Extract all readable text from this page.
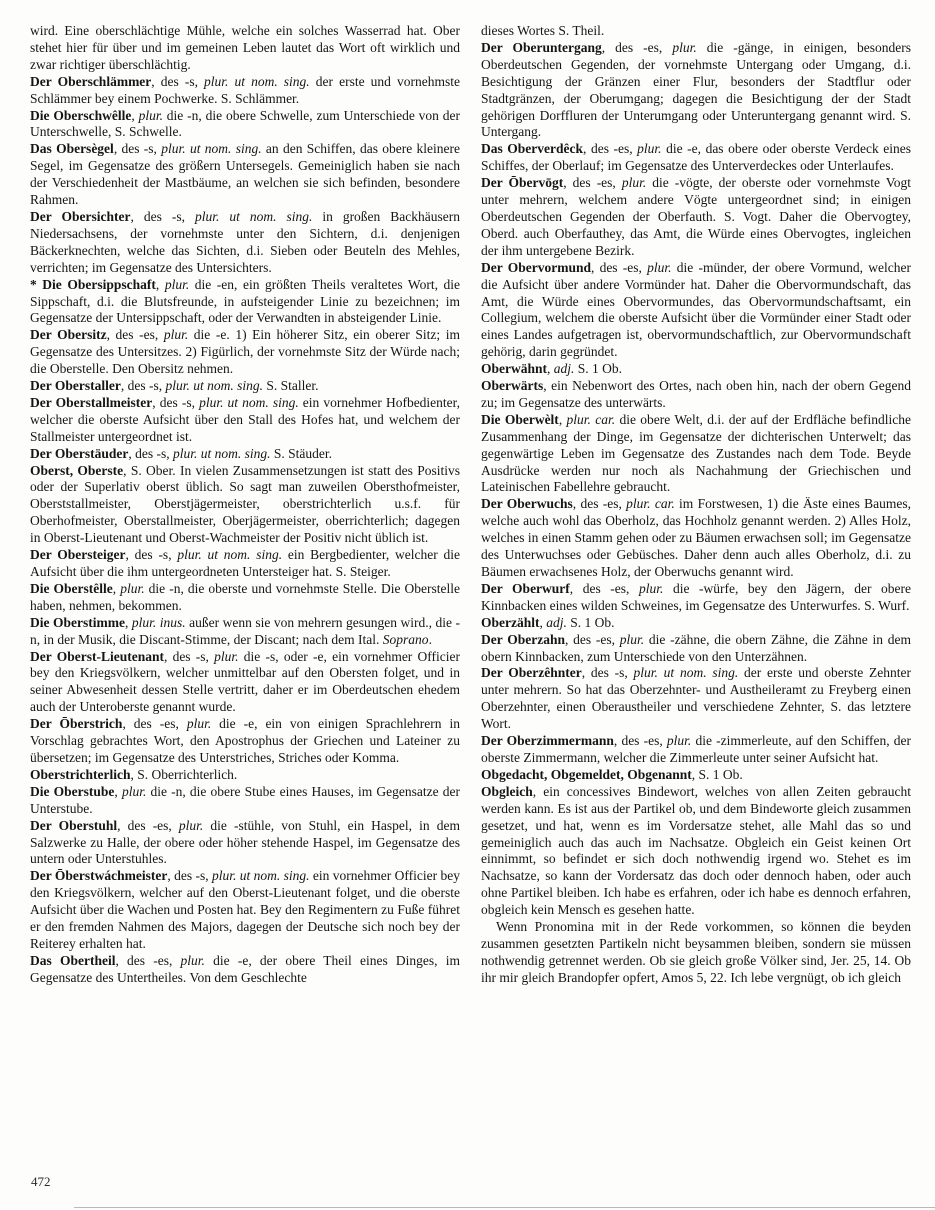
wird. Eine oberschlächtige Mühle, welche ein solches Wasserrad hat. Ober stehet hier für über und im gemeinen Leben lautet das Wort oft wirklich und zwar richtiger überschlächtig.

Der Oberschlämmer, des -s, plur. ut nom. sing. der erste und vornehmste Schlämmer bey einem Pochwerke. S. Schlämmer.

Die Oberschwêlle, plur. die -n, die obere Schwelle, zum Unterschiede von der Unterschwelle, S. Schwelle.

Das Obersègel, des -s, plur. ut nom. sing. an den Schiffen, das obere kleinere Segel, im Gegensatze des größern Untersegels. Gemeiniglich haben sie nach der Verschiedenheit der Mastbäume, an welchen sie sich befinden, besondere Rahmen.

Der Obersichter, des -s, plur. ut nom. sing. in großen Backhäusern Niedersachsens, der vornehmste unter den Sichtern, d.i. denjenigen Bäckerknechten, welche das Sichten, d.i. Sieben oder Beuteln des Mehles, verrichten; im Gegensatze des Untersichters.

* Die Obersippschaft, plur. die -en, ein größten Theils veraltetes Wort, die Sippschaft, d.i. die Blutsfreunde, in aufsteigender Linie zu bezeichnen; im Gegensatze der Untersippschaft, oder der Verwandten in absteigender Linie.

Der Obersitz, des -es, plur. die -e. 1) Ein höherer Sitz, ein oberer Sitz; im Gegensatze des Untersitzes. 2) Figürlich, der vornehmste Sitz der Würde nach; die Oberstelle. Den Obersitz nehmen.

Der Oberstaller, des -s, plur. ut nom. sing. S. Staller.

Der Oberstallmeister, des -s, plur. ut nom. sing. ein vornehmer Hofbedienter, welcher die oberste Aufsicht über den Stall des Hofes hat, und welchem der Stallmeister untergeordnet ist.

Der Oberstäuder, des -s, plur. ut nom. sing. S. Stäuder.

Oberst, Oberste, S. Ober. In vielen Zusammensetzungen ist statt des Positivs oder der Superlativ oberst üblich. So sagt man zuweilen Obersthofmeister, Oberststallmeister, Oberstjägermeister, oberstrichterlich u.s.f. für Oberhofmeister, Oberstallmeister, Oberjägermeister, oberrichterlich; dagegen in Oberst-Lieutenant und Oberst-Wachmeister der Positiv nicht üblich ist.

Der Obersteiger, des -s, plur. ut nom. sing. ein Bergbedienter, welcher die Aufsicht über die ihm untergeordneten Untersteiger hat. S. Steiger.

Die Oberstêlle, plur. die -n, die oberste und vornehmste Stelle. Die Oberstelle haben, nehmen, bekommen.

Die Oberstimme, plur. inus. außer wenn sie von mehrern gesungen wird., die -n, in der Musik, die Discant-Stimme, der Discant; nach dem Ital. Soprano.

Der Oberst-Lieutenant, des -s, plur. die -s, oder -e, ein vornehmer Officier bey den Kriegsvölkern, welcher unmittelbar auf den Obersten folget, und in seiner Abwesenheit dessen Stelle vertritt, daher er im Oberdeutschen ehedem auch der Unteroberste genannt wurde.

Der Ōberstrich, des -es, plur. die -e, ein von einigen Sprachlehrern in Vorschlag gebrachtes Wort, den Apostrophus der Griechen und Lateiner zu übersetzen; im Gegensatze des Unterstriches, Striches oder Komma.

Oberstrichterlich, S. Oberrichterlich.

Die Oberstube, plur. die -n, die obere Stube eines Hauses, im Gegensatze der Unterstube.

Der Oberstuhl, des -es, plur. die -stühle, von Stuhl, ein Haspel, in dem Salzwerke zu Halle, der obere oder höher stehende Haspel, im Gegensatze des untern oder Unterstuhles.

Der Ōberstwáchmeister, des -s, plur. ut nom. sing. ein vornehmer Officier bey den Kriegsvölkern, welcher auf den Oberst-Lieutenant folget, und die oberste Aufsicht über die Wachen und Posten hat. Bey den Regimentern zu Fuße führet er den fremden Nahmen des Majors, dagegen der Deutsche sich noch bey der Reiterey erhalten hat.

Das Obertheil, des -es, plur. die -e, der obere Theil eines Dinges, im Gegensatze des Untertheiles. Von dem Geschlechte

dieses Wortes S. Theil.

Der Oberuntergang, des -es, plur. die -gänge, in einigen, besonders Oberdeutschen Gegenden, der vornehmste Untergang oder Umgang, d.i. Besichtigung der Gränzen einer Flur, besonders der Stadtflur oder Stadtgränzen, der Oberumgang; dagegen die Besichtigung der der Stadt gehörigen Dorffluren der Unterumgang oder Unteruntergang genannt wird. S. Untergang.

Das Oberverdêck, des -es, plur. die -e, das obere oder oberste Verdeck eines Schiffes, der Oberlauf; im Gegensatze des Unterverdeckes oder Unterlaufes.

Der Ōbervōgt, des -es, plur. die -vögte, der oberste oder vornehmste Vogt unter mehrern, welchem andere Vögte untergeordnet sind; in einigen Oberdeutschen Gegenden der Oberfauth. S. Vogt. Daher die Obervogtey, Oberd. auch Oberfauthey, das Amt, die Würde eines Obervogtes, ingleichen der ihm untergebene Bezirk.

Der Obervormund, des -es, plur. die -münder, der obere Vormund, welcher die Aufsicht über andere Vormünder hat. Daher die Obervormundschaft, das Amt, die Würde eines Obervormundes, das Obervormundschaftsamt, ein Collegium, welchem die oberste Aufsicht über die Vormünder einer Stadt oder eines Landes aufgetragen ist, obervormundschaftlich, zur Obervormundschaft gehörig, darin gegründet.

Oberwähnt, adj. S. 1 Ob.

Oberwärts, ein Nebenwort des Ortes, nach oben hin, nach der obern Gegend zu; im Gegensatze des unterwärts.

Die Oberwèlt, plur. car. die obere Welt, d.i. der auf der Erdfläche befindliche Zusammenhang der Dinge, im Gegensatze der dichterischen Unterwelt; das gegenwärtige Leben im Gegensatze des Zustandes nach dem Tode. Beyde Ausdrücke werden nur noch als Nachahmung der Griechischen und Lateinischen Fabellehre gebraucht.

Der Oberwuchs, des -es, plur. car. im Forstwesen, 1) die Äste eines Baumes, welche auch wohl das Oberholz, das Hochholz genannt werden. 2) Alles Holz, welches in einen Stamm gehen oder zu Bäumen erwachsen soll; im Gegensatze des Unterwuchses oder Gebüsches. Daher denn auch alles Oberholz, d.i. zu Bäumen erwachsenes Holz, der Oberwuchs genannt wird.

Der Oberwurf, des -es, plur. die -würfe, bey den Jägern, der obere Kinnbacken eines wilden Schweines, im Gegensatze des Unterwurfes. S. Wurf.

Oberzählt, adj. S. 1 Ob.

Der Oberzahn, des -es, plur. die -zähne, die obern Zähne, die Zähne in dem obern Kinnbacken, zum Unterschiede von den Unterzähnen.

Der Oberzêhnter, des -s, plur. ut nom. sing. der erste und oberste Zehnter unter mehrern. So hat das Oberzehnter- und Austheileramt zu Freyberg einen Oberzehnter, einen Oberaustheiler und verschiedene Zehnter, S. das letztere Wort.

Der Oberzimmermann, des -es, plur. die -zimmerleute, auf den Schiffen, der oberste Zimmermann, welcher die Zimmerleute unter seiner Aufsicht hat.

Obgedacht, Obgemeldet, Obgenannt, S. 1 Ob.

Obgleich, ein concessives Bindewort, welches von allen Zeiten gebraucht werden kann. Es ist aus der Partikel ob, und dem Bindeworte gleich zusammen gesetzet, und hat, wenn es im Vordersatze stehet, alle Mahl das so und gemeiniglich auch das auch im Nachsatze. Obgleich ein Geist keinen Ort einnimmt, so befindet er sich doch nothwendig irgend wo. Stehet es im Nachsatze, so kann der Vordersatz das doch oder dennoch haben, oder auch ohne Partikel bleiben. Ich habe es erfahren, oder ich habe es dennoch erfahren, obgleich kein Mensch es gesehen hatte.

Wenn Pronomina mit in der Rede vorkommen, so können die beyden zusammen gesetzten Partikeln nicht beysammen bleiben, sondern sie müssen nothwendig getrennet werden. Ob sie gleich große Völker sind, Jer. 25, 14. Ob ihr mir gleich Brandopfer opfert, Amos 5, 22. Ich lebe vergnügt, ob ich gleich

472
